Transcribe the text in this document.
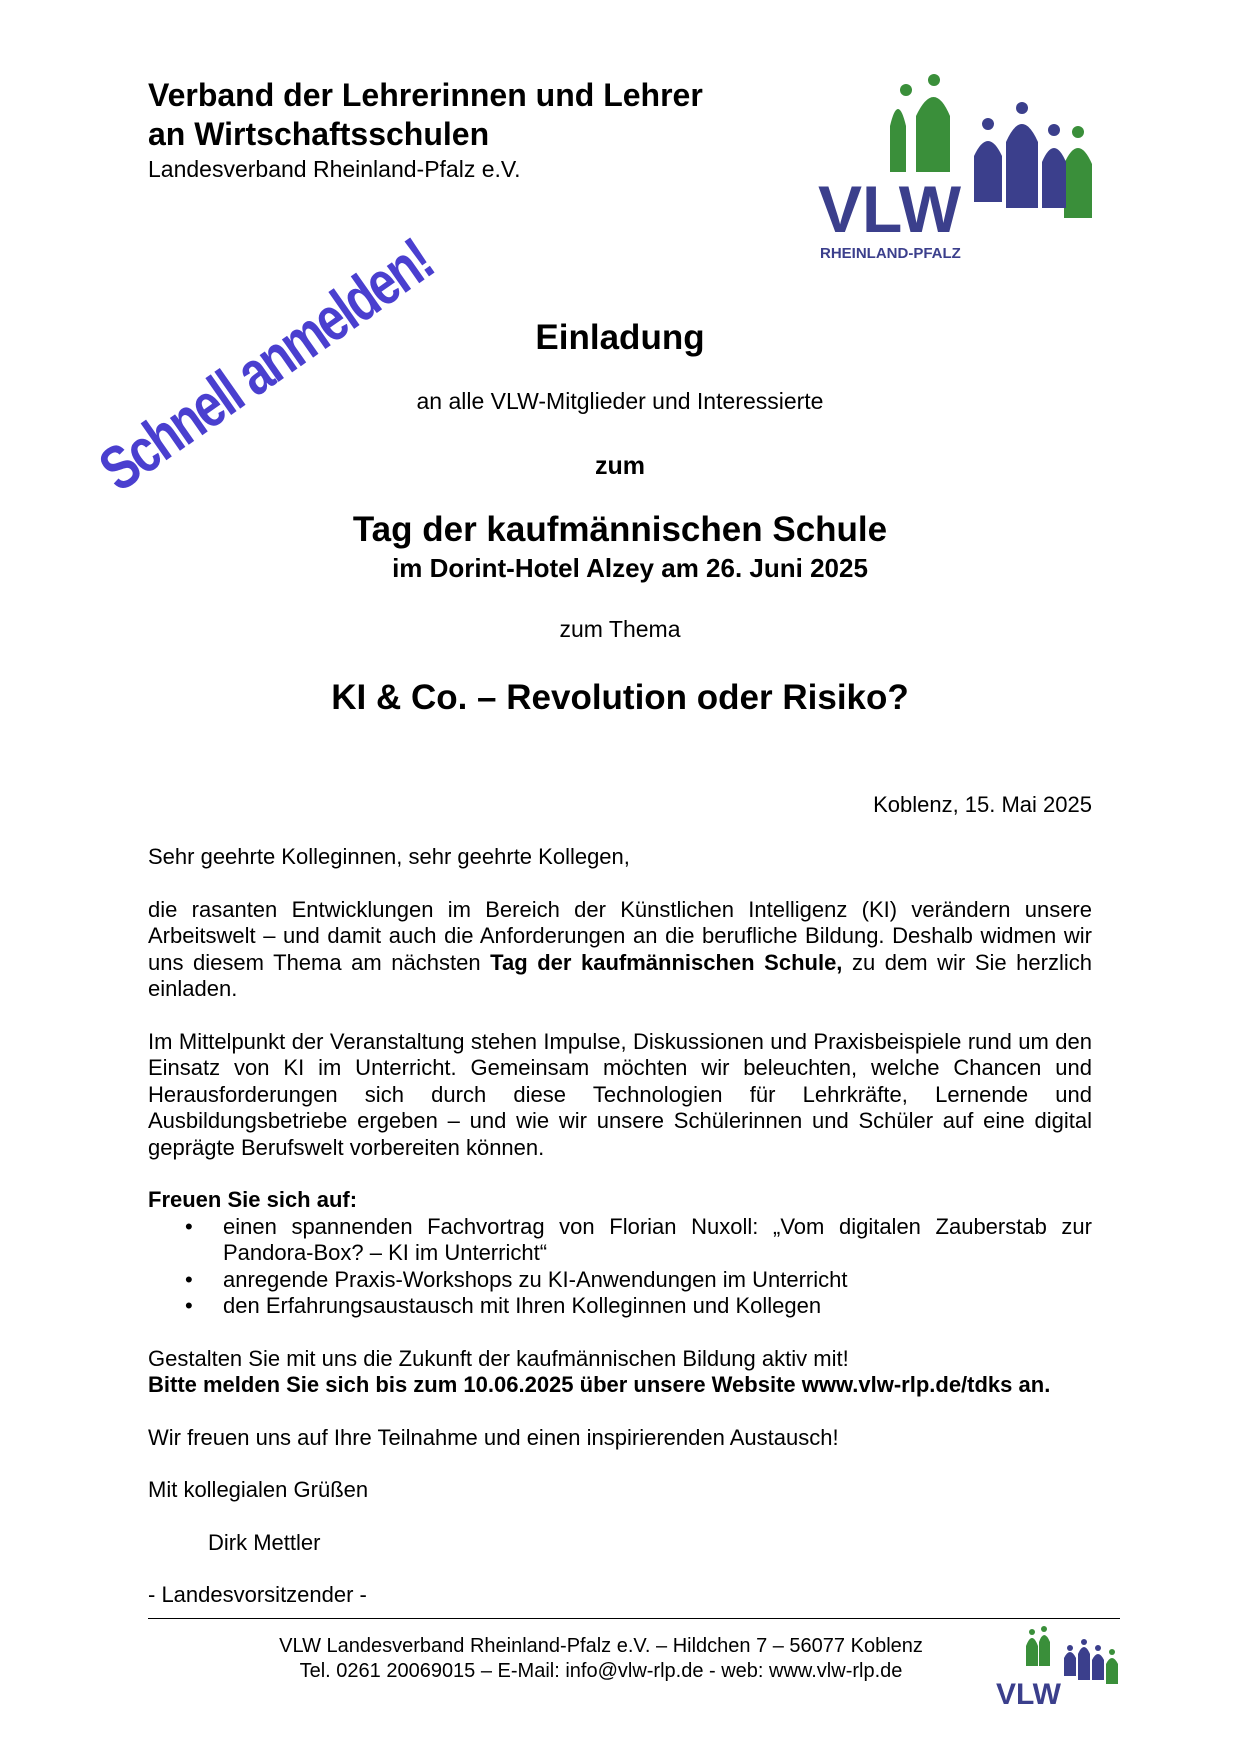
Verband der Lehrerinnen und Lehrer
an Wirtschaftsschulen
Landesverband Rheinland-Pfalz e.V.
VLW
RHEINLAND-PFALZ
Schnell anmelden!	Einladung
an alle VLW-Mitglieder und Interessierte
zum
Tag der kaufmännischen Schule
im Dorint-Hotel Alzey am 26. Juni 2025
zum Thema
KI & Co. – Revolution oder Risiko?
Koblenz, 15. Mai 2025

Sehr geehrte Kolleginnen, sehr geehrte Kollegen,

die rasanten Entwicklungen im Bereich der Künstlichen Intelligenz (KI) verändern unsere Arbeitswelt – und damit auch die Anforderungen an die berufliche Bildung. Deshalb widmen wir uns diesem Thema am nächsten Tag der kaufmännischen Schule, zu dem wir Sie herzlich einladen.

Im Mittelpunkt der Veranstaltung stehen Impulse, Diskussionen und Praxisbeispiele rund um den Einsatz von KI im Unterricht. Gemeinsam möchten wir beleuchten, welche Chancen und Herausforderungen sich durch diese Technologien für Lehrkräfte, Lernende und Ausbildungsbetriebe ergeben – und wie wir unsere Schülerinnen und Schüler auf eine digital geprägte Berufswelt vorbereiten können.

Freuen Sie sich auf:

• einen spannenden Fachvortrag von Florian Nuxoll: „Vom digitalen Zauberstab zur Pandora-Box? – KI im Unterricht“
• anregende Praxis-Workshops zu KI-Anwendungen im Unterricht
• den Erfahrungsaustausch mit Ihren Kolleginnen und Kollegen

Gestalten Sie mit uns die Zukunft der kaufmännischen Bildung aktiv mit!

Bitte melden Sie sich bis zum 10.06.2025 über unsere Website www.vlw-rlp.de/tdks an.

Wir freuen uns auf Ihre Teilnahme und einen inspirierenden Austausch!

Mit kollegialen Grüßen

Dirk Mettler

- Landesvorsitzender -

VLW Landesverband Rheinland-Pfalz e.V. – Hildchen 7 – 56077 Koblenz
Tel. 0261 20069015 – E-Mail: info@vlw-rlp.de - web: www.vlw-rlp.de
VLW
